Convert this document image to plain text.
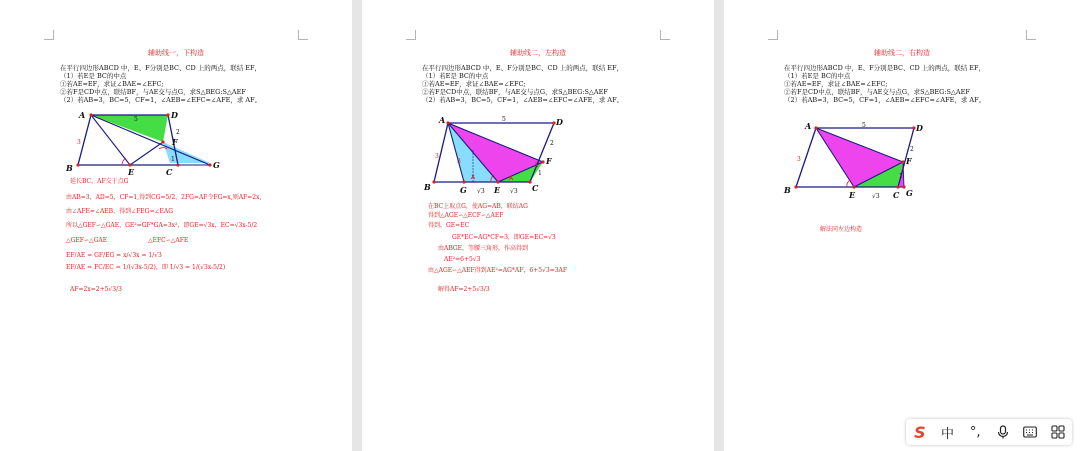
辅助线一，下构造
在平行四边形ABCD 中，E、F分别是BC、CD 上的两点，联结 EF，
（1）若E是 BC的中点
①若AE=EF，求证∠BAE=∠EFC;
②若F是CD中点，联结BF，与AE交与点G，求S△BEG:S△AEF
（2）若AB=3，BC=5，CF=1，∠AEB=∠EFC=∠AFE，求 AF。
A	D
B	C
E
F
G
5
3
2
1
延长BC，AF交于点G
由AB=3，AD=5，CF=1,得到CG=5/2，2FG=AF令FG=x,则AF=2x,
由∠AFE=∠AEB，得到∠FEG=∠EAG
所以△GEF∽△GAE，GE²=GF*GA=3x²，即GE=√3x，EC=√3x-5/2
△GEF∽△GAE	△EFC∽△AFE
EF/AE = GF/EG = x/√3x = 1/√3
EF/AE = FC/EC = 1/(√3x-5/2)，即 1/√3 = 1/(√3x-5/2)
AF=2x=2+5√3/3
辅助线二，左构造
在平行四边形ABCD 中，E、F分别是BC、CD 上的两点，联结 EF，
（1）若E是 BC的中点
①若AE=EF，求证∠BAE=∠EFC;
②若F是CD中点，联结BF，与AE交与点G，求S△BEG:S△AEF
（2）若AB=3，BC=5，CF=1，∠AEB=∠EFC=∠AFE，求 AF。
A	D
B	C
E
F
G
5
3
3
2
1
√3	√3
在BC上取点G，使AG=AB，联结AG
得到△AGE∽△ECF∽△AEF
得到，GE=EC
GE*EC=AG*CF=3，即GE=EC=√3
由ABGE，等腰三角形，作高得到
AE²=6+5√3
由△AGE∽△AEF得到AE²=AG*AF，6+5√3=3AF
解得AF=2+5√3/3
辅助线二，右构造
在平行四边形ABCD 中，E、F分别是BC、CD 上的两点，联结 EF，
（1）若E是 BC的中点
①若AE=EF，求证∠BAE=∠EFC;
②若F是CD中点，联结BF，与AE交与点G，求S△BEG:S△AEF
（2）若AB=3，BC=5，CF=1，∠AEB=∠EFC=∠AFE，求 AF。
A	D
B	C
E
F
G
5
3
2
1
√3
解法同左边构造
S	中	°,
